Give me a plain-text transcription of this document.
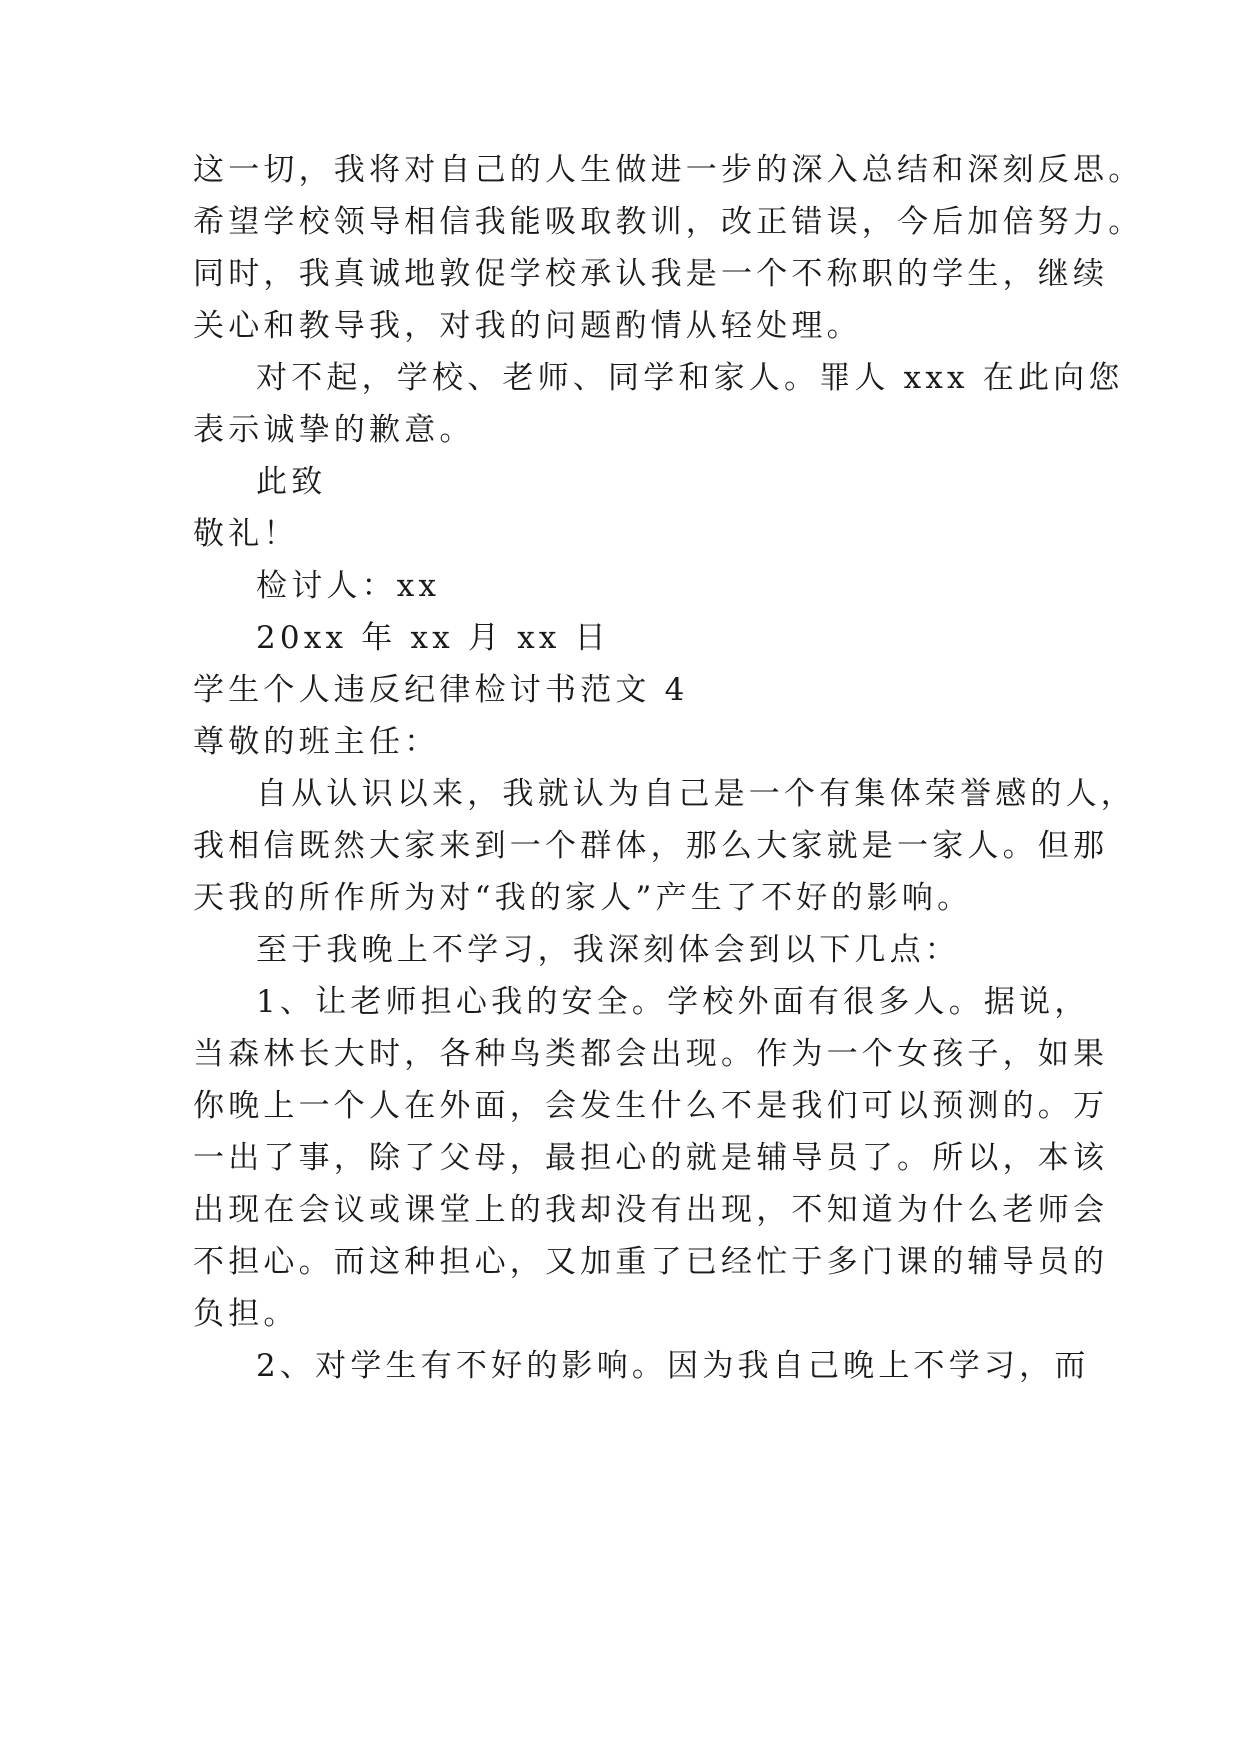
这一切，我将对自己的人生做进一步的深入总结和深刻反思。
希望学校领导相信我能吸取教训，改正错误，今后加倍努力。
同时，我真诚地敦促学校承认我是一个不称职的学生，继续
关心和教导我，对我的问题酌情从轻处理。
对不起，学校、老师、同学和家人。罪人 xxx 在此向您
表示诚挚的歉意。
此致
敬礼！
检讨人：xx
20xx 年 xx 月 xx 日
学生个人违反纪律检讨书范文 4
尊敬的班主任：
自从认识以来，我就认为自己是一个有集体荣誉感的人，
我相信既然大家来到一个群体，那么大家就是一家人。但那
天我的所作所为对“我的家人”产生了不好的影响。
至于我晚上不学习，我深刻体会到以下几点：
1、让老师担心我的安全。学校外面有很多人。据说，
当森林长大时，各种鸟类都会出现。作为一个女孩子，如果
你晚上一个人在外面，会发生什么不是我们可以预测的。万
一出了事，除了父母，最担心的就是辅导员了。所以，本该
出现在会议或课堂上的我却没有出现，不知道为什么老师会
不担心。而这种担心，又加重了已经忙于多门课的辅导员的
负担。
2、对学生有不好的影响。因为我自己晚上不学习，而
